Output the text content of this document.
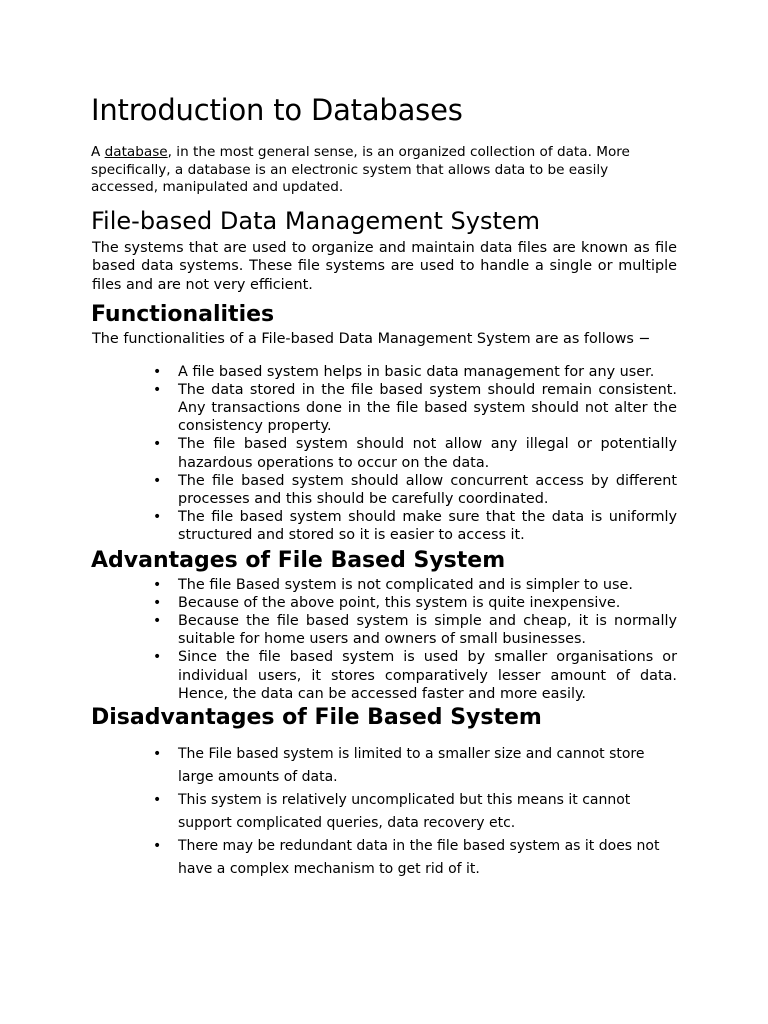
Introduction to Databases

A database, in the most general sense, is an organized collection of data. More specifically, a database is an electronic system that allows data to be easily accessed, manipulated and updated.

File-based Data Management System

The systems that are used to organize and maintain data files are known as file based data systems. These file systems are used to handle a single or multiple files and are not very efficient.

Functionalities

The functionalities of a File-based Data Management System are as follows −

• A file based system helps in basic data management for any user.
• The data stored in the file based system should remain consistent. Any transactions done in the file based system should not alter the consistency property.
• The file based system should not allow any illegal or potentially hazardous operations to occur on the data.
• The file based system should allow concurrent access by different processes and this should be carefully coordinated.
• The file based system should make sure that the data is uniformly structured and stored so it is easier to access it.
Advantages of File Based System
• The file Based system is not complicated and is simpler to use.
• Because of the above point, this system is quite inexpensive.
• Because the file based system is simple and cheap, it is normally suitable for home users and owners of small businesses.
• Since the file based system is used by smaller organisations or individual users, it stores comparatively lesser amount of data. Hence, the data can be accessed faster and more easily.
Disadvantages of File Based System
• The File based system is limited to a smaller size and cannot store large amounts of data.
• This system is relatively uncomplicated but this means it cannot support complicated queries, data recovery etc.
• There may be redundant data in the file based system as it does not have a complex mechanism to get rid of it.
